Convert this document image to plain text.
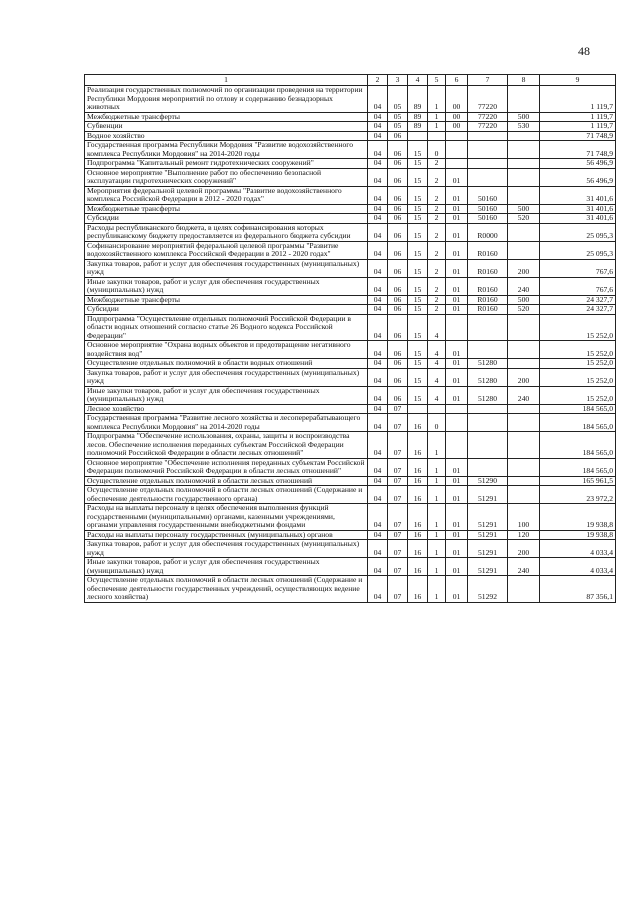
48
1	2	3	4	5	6	7	8	9
Реализация государственных полномочий по организации проведения на территории Республики Мордовия мероприятий по отлову и содержанию безнадзорных животных	04	05	89	1	00	77220		1 119,7
Межбюджетные трансферты	04	05	89	1	00	77220	500	1 119,7
Субвенции	04	05	89	1	00	77220	530	1 119,7
Водное хозяйство	04	06						71 748,9
Государственная программа Республики Мордовия "Развитие водохозяйственного комплекса Республики Мордовия" на 2014-2020 годы	04	06	15	0				71 748,9
Подпрограмма "Капитальный ремонт гидротехнических сооружений"	04	06	15	2				56 496,9
Основное мероприятие "Выполнение работ по обеспечению безопасной эксплуатации гидротехнических сооружений"	04	06	15	2	01			56 496,9
Мероприятия федеральной целевой программы "Развитие водохозяйственного комплекса Российской Федерации в 2012 - 2020 годах"	04	06	15	2	01	50160		31 401,6
Межбюджетные трансферты	04	06	15	2	01	50160	500	31 401,6
Субсидии	04	06	15	2	01	50160	520	31 401,6
Расходы республиканского бюджета, в целях софинансирования которых республиканскому бюджету предоставляется из федерального бюджета субсидии	04	06	15	2	01	R0000		25 095,3
Софинансирование мероприятий федеральной целевой программы "Развитие водохозяйственного комплекса Российской Федерации в 2012 - 2020 годах"	04	06	15	2	01	R0160		25 095,3
Закупка товаров, работ и услуг для обеспечения государственных (муниципальных) нужд	04	06	15	2	01	R0160	200	767,6
Иные закупки товаров, работ и услуг для обеспечения государственных (муниципальных) нужд	04	06	15	2	01	R0160	240	767,6
Межбюджетные трансферты	04	06	15	2	01	R0160	500	24 327,7
Субсидии	04	06	15	2	01	R0160	520	24 327,7
Подпрограмма "Осуществление отдельных полномочий Российской Федерации в области водных отношений согласно статье 26 Водного кодекса Российской Федерации"	04	06	15	4				15 252,0
Основное мероприятие "Охрана водных объектов и предотвращение негативного воздействия вод"	04	06	15	4	01			15 252,0
Осуществление отдельных полномочий в области водных отношений	04	06	15	4	01	51280		15 252,0
Закупка товаров, работ и услуг для обеспечения государственных (муниципальных) нужд	04	06	15	4	01	51280	200	15 252,0
Иные закупки товаров, работ и услуг для обеспечения государственных (муниципальных) нужд	04	06	15	4	01	51280	240	15 252,0
Лесное хозяйство	04	07						184 565,0
Государственная программа "Развитие лесного хозяйства и лесоперерабатывающего комплекса Республики Мордовия" на 2014-2020 годы	04	07	16	0				184 565,0
Подпрограмма "Обеспечение использования, охраны, защиты и воспроизводства лесов. Обеспечение исполнения переданных субъектам Российской Федерации полномочий Российской Федерации в области лесных отношений"	04	07	16	1				184 565,0
Основное мероприятие "Обеспечение исполнения переданных субъектам Российской Федерации полномочий Российской Федерации в области лесных отношений"	04	07	16	1	01			184 565,0
Осуществление отдельных полномочий в области лесных отношений	04	07	16	1	01	51290		165 961,5
Осуществление отдельных полномочий в области лесных отношений (Содержание и обеспечение деятельности государственного органа)	04	07	16	1	01	51291		23 972,2
Расходы на выплаты персоналу в целях обеспечения выполнения функций государственными (муниципальными) органами, казенными учреждениями, органами управления государственными внебюджетными фондами	04	07	16	1	01	51291	100	19 938,8
Расходы на выплаты персоналу государственных (муниципальных) органов	04	07	16	1	01	51291	120	19 938,8
Закупка товаров, работ и услуг для обеспечения государственных (муниципальных) нужд	04	07	16	1	01	51291	200	4 033,4
Иные закупки товаров, работ и услуг для обеспечения государственных (муниципальных) нужд	04	07	16	1	01	51291	240	4 033,4
Осуществление отдельных полномочий в области лесных отношений (Содержание и обеспечение деятельности государственных учреждений, осуществляющих ведение лесного хозяйства)	04	07	16	1	01	51292		87 356,1
